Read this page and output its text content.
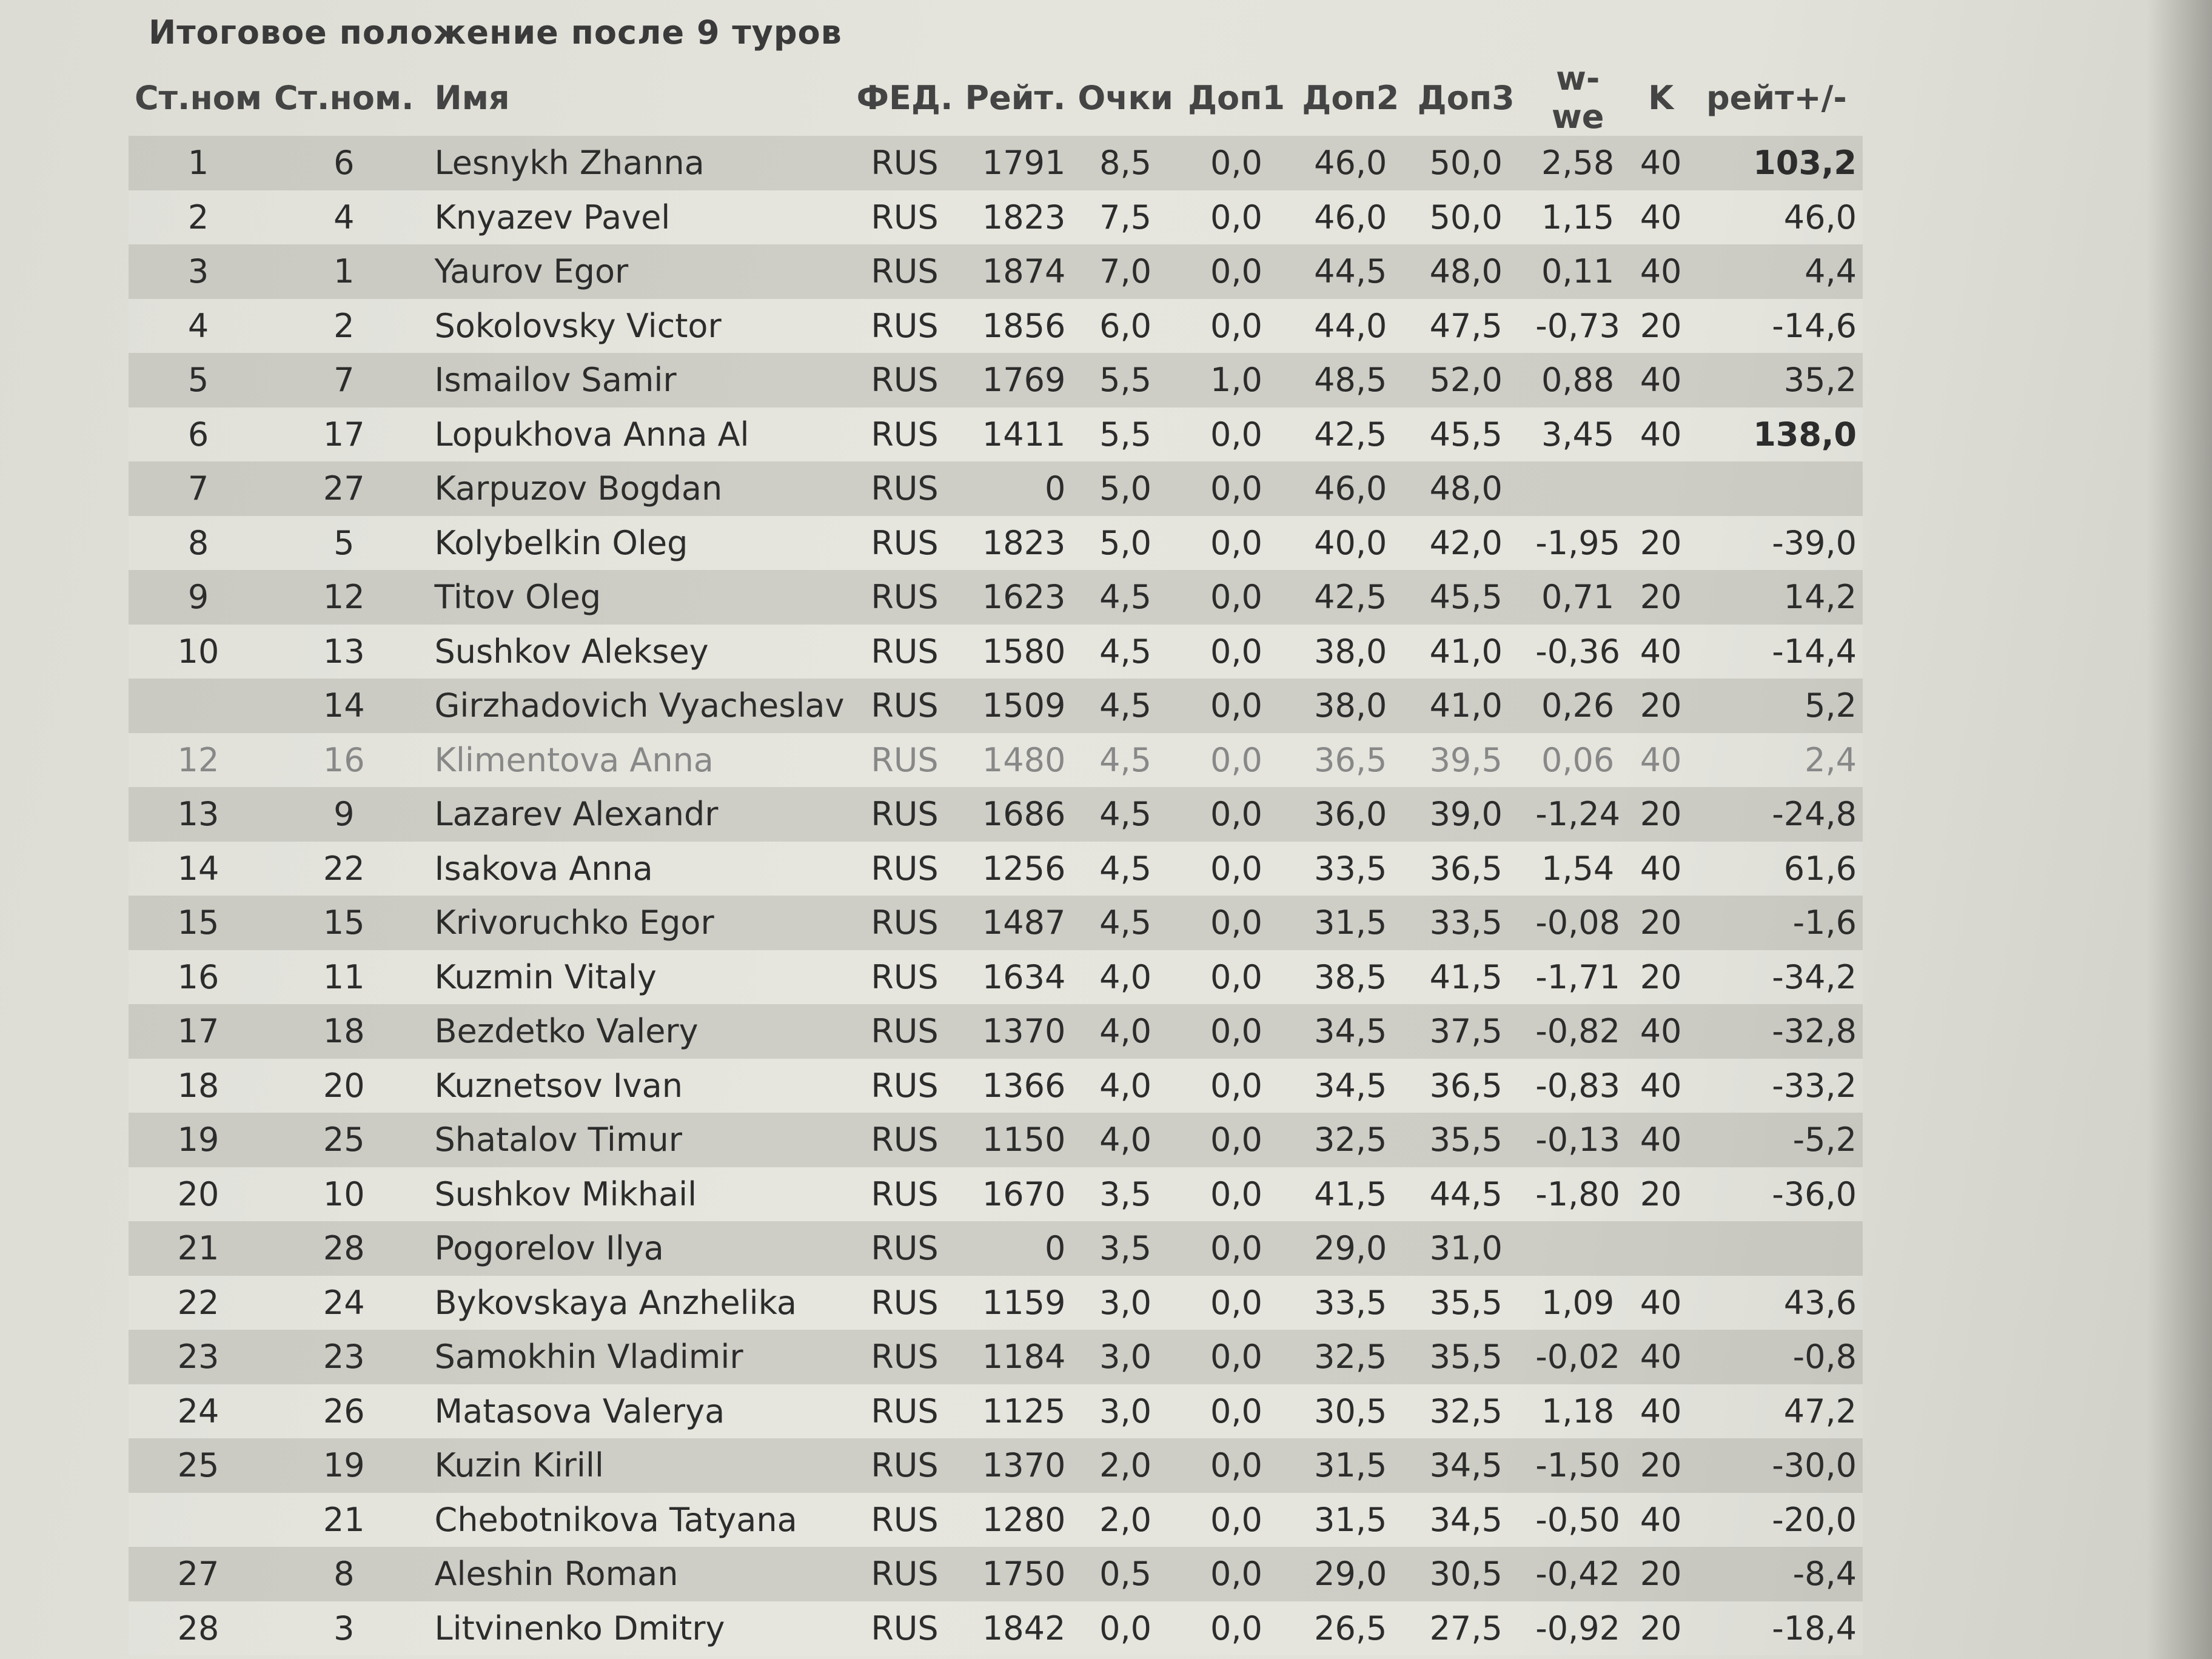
Итоговое положение после 9 туров
Ст.ном	Ст.ном.	Имя	ФЕД.	Рейт.	Очки	Доп1	Доп2	Доп3	w-we	K	рейт+/-
1	6	Lesnykh Zhanna	RUS	1791	8,5	0,0	46,0	50,0	2,58	40	103,2
2	4	Knyazev Pavel	RUS	1823	7,5	0,0	46,0	50,0	1,15	40	46,0
3	1	Yaurov Egor	RUS	1874	7,0	0,0	44,5	48,0	0,11	40	4,4
4	2	Sokolovsky Victor	RUS	1856	6,0	0,0	44,0	47,5	-0,73	20	-14,6
5	7	Ismailov Samir	RUS	1769	5,5	1,0	48,5	52,0	0,88	40	35,2
6	17	Lopukhova Anna Al	RUS	1411	5,5	0,0	42,5	45,5	3,45	40	138,0
7	27	Karpuzov Bogdan	RUS	0	5,0	0,0	46,0	48,0			
8	5	Kolybelkin Oleg	RUS	1823	5,0	0,0	40,0	42,0	-1,95	20	-39,0
9	12	Titov Oleg	RUS	1623	4,5	0,0	42,5	45,5	0,71	20	14,2
10	13	Sushkov Aleksey	RUS	1580	4,5	0,0	38,0	41,0	-0,36	40	-14,4
	14	Girzhadovich Vyacheslav	RUS	1509	4,5	0,0	38,0	41,0	0,26	20	5,2
12	16	Klimentova Anna	RUS	1480	4,5	0,0	36,5	39,5	0,06	40	2,4
13	9	Lazarev Alexandr	RUS	1686	4,5	0,0	36,0	39,0	-1,24	20	-24,8
14	22	Isakova Anna	RUS	1256	4,5	0,0	33,5	36,5	1,54	40	61,6
15	15	Krivoruchko Egor	RUS	1487	4,5	0,0	31,5	33,5	-0,08	20	-1,6
16	11	Kuzmin Vitaly	RUS	1634	4,0	0,0	38,5	41,5	-1,71	20	-34,2
17	18	Bezdetko Valery	RUS	1370	4,0	0,0	34,5	37,5	-0,82	40	-32,8
18	20	Kuznetsov Ivan	RUS	1366	4,0	0,0	34,5	36,5	-0,83	40	-33,2
19	25	Shatalov Timur	RUS	1150	4,0	0,0	32,5	35,5	-0,13	40	-5,2
20	10	Sushkov Mikhail	RUS	1670	3,5	0,0	41,5	44,5	-1,80	20	-36,0
21	28	Pogorelov Ilya	RUS	0	3,5	0,0	29,0	31,0			
22	24	Bykovskaya Anzhelika	RUS	1159	3,0	0,0	33,5	35,5	1,09	40	43,6
23	23	Samokhin Vladimir	RUS	1184	3,0	0,0	32,5	35,5	-0,02	40	-0,8
24	26	Matasova Valerya	RUS	1125	3,0	0,0	30,5	32,5	1,18	40	47,2
25	19	Kuzin Kirill	RUS	1370	2,0	0,0	31,5	34,5	-1,50	20	-30,0
	21	Chebotnikova Tatyana	RUS	1280	2,0	0,0	31,5	34,5	-0,50	40	-20,0
27	8	Aleshin Roman	RUS	1750	0,5	0,0	29,0	30,5	-0,42	20	-8,4
28	3	Litvinenko Dmitry	RUS	1842	0,0	0,0	26,5	27,5	-0,92	20	-18,4
